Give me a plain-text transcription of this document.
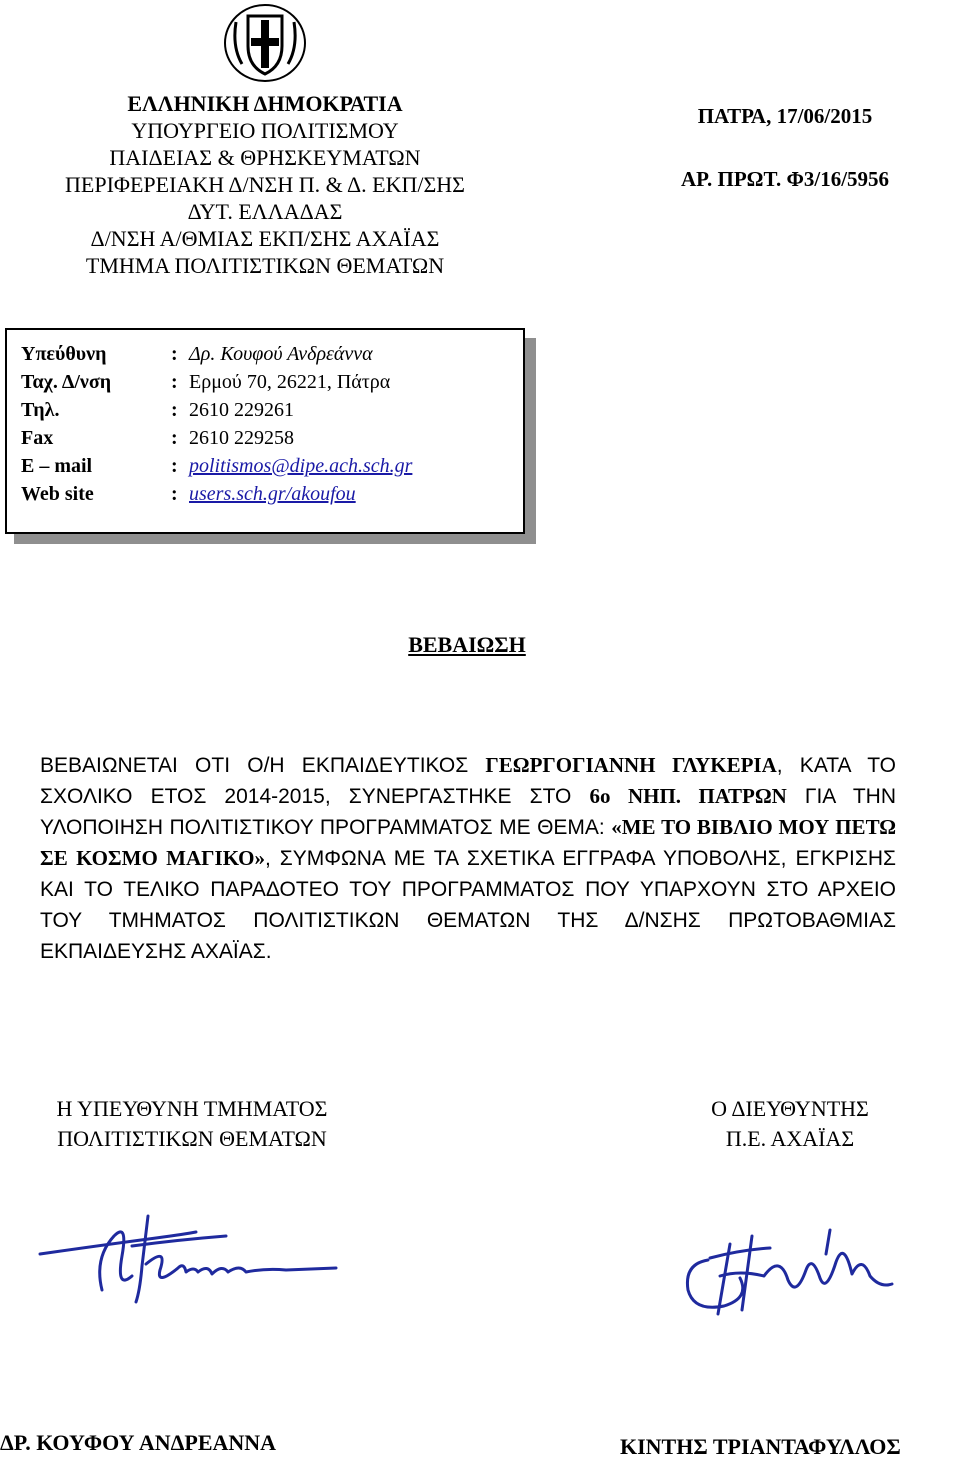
ΕΛΛΗΝΙΚΗ ΔΗΜΟΚΡΑΤΙΑ
ΥΠΟΥΡΓΕΙΟ ΠΟΛΙΤΙΣΜΟΥ
ΠΑΙΔΕΙΑΣ & ΘΡΗΣΚΕΥΜΑΤΩΝ
ΠΕΡΙΦΕΡΕΙΑΚΗ Δ/ΝΣΗ Π. & Δ. ΕΚΠ/ΣΗΣ
ΔΥΤ. ΕΛΛΑΔΑΣ
Δ/ΝΣΗ Α/ΘΜΙΑΣ ΕΚΠ/ΣΗΣ ΑΧΑΪΑΣ
ΤΜΗΜΑ ΠΟΛΙΤΙΣΤΙΚΩΝ ΘΕΜΑΤΩΝ
ΠΑΤΡΑ, 17/06/2015
ΑΡ. ΠΡΩΤ. Φ3/16/5956
Υπεύθυνη	: Δρ. Κουφού Ανδρεάννα
Ταχ. Δ/νση	: Ερμού 70, 26221, Πάτρα
Τηλ.	: 2610 229261
Fax	: 2610 229258
E – mail	: politismos@dipe.ach.sch.gr
Web site	: users.sch.gr/akoufou
ΒΕΒΑΙΩΣΗ
ΒΕΒΑΙΩΝΕΤΑΙ ΟΤΙ Ο/Η ΕΚΠΑΙΔΕΥΤΙΚΟΣ ΓΕΩΡΓΟΓΙΑΝΝΗ ΓΛΥΚΕΡΙΑ, ΚΑΤΑ ΤΟ ΣΧΟΛΙΚΟ ΕΤΟΣ 2014-2015, ΣΥΝΕΡΓΑΣΤΗΚΕ ΣΤΟ 6ο ΝΗΠ. ΠΑΤΡΩΝ ΓΙΑ ΤΗΝ ΥΛΟΠΟΙΗΣΗ ΠΟΛΙΤΙΣΤΙΚΟΥ ΠΡΟΓΡΑΜΜΑΤΟΣ ΜΕ ΘΕΜΑ: «ΜΕ ΤΟ ΒΙΒΛΙΟ ΜΟΥ ΠΕΤΩ ΣΕ ΚΟΣΜΟ ΜΑΓΙΚΟ», ΣΥΜΦΩΝΑ ΜΕ ΤΑ ΣΧΕΤΙΚΑ ΕΓΓΡΑΦΑ ΥΠΟΒΟΛΗΣ, ΕΓΚΡΙΣΗΣ ΚΑΙ ΤΟ ΤΕΛΙΚΟ ΠΑΡΑΔΟΤΕΟ ΤΟΥ ΠΡΟΓΡΑΜΜΑΤΟΣ ΠΟΥ ΥΠΑΡΧΟΥΝ ΣΤΟ ΑΡΧΕΙΟ ΤΟΥ ΤΜΗΜΑΤΟΣ ΠΟΛΙΤΙΣΤΙΚΩΝ ΘΕΜΑΤΩΝ ΤΗΣ Δ/ΝΣΗΣ ΠΡΩΤΟΒΑΘΜΙΑΣ ΕΚΠΑΙΔΕΥΣΗΣ ΑΧΑΪΑΣ.
Η ΥΠΕΥΘΥΝΗ ΤΜΗΜΑΤΟΣ
ΠΟΛΙΤΙΣΤΙΚΩΝ ΘΕΜΑΤΩΝ
Ο ΔΙΕΥΘΥΝΤΗΣ
Π.Ε. ΑΧΑΪΑΣ
ΔΡ. ΚΟΥΦΟΥ ΑΝΔΡΕΑΝΝΑ	ΚΙΝΤΗΣ ΤΡΙΑΝΤΑΦΥΛΛΟΣ
